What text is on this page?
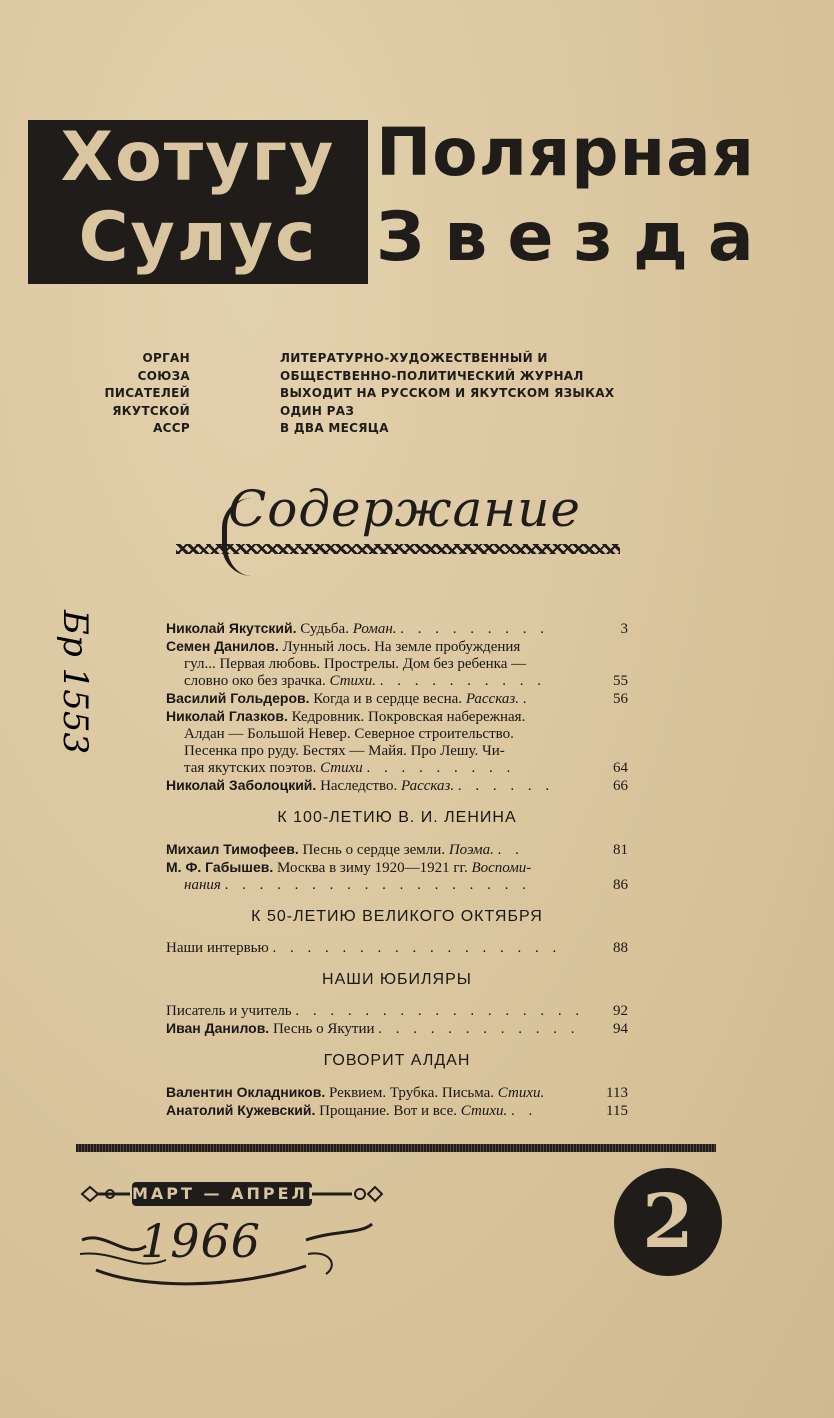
Хотугу
Сулус
Полярная
Звезда
ОРГАН
СОЮЗА
ПИСАТЕЛЕЙ
ЯКУТСКОЙ
АССР
ЛИТЕРАТУРНО-ХУДОЖЕСТВЕННЫЙ И
ОБЩЕСТВЕННО-ПОЛИТИЧЕСКИЙ ЖУРНАЛ
ВЫХОДИТ НА РУССКОМ И ЯКУТСКОМ ЯЗЫКАХ
ОДИН РАЗ
В ДВА МЕСЯЦА
Содержание
Бр 1553	Николай Якутский. Судьба. Роман. . . . . . . . . .	3
Семен Данилов. Лунный лось. На земле пробуждения
гул... Первая любовь. Прострелы. Дом без ребенка —
словно око без зрачка. Стихи. . . . . . . . . . .	55
Василий Гольдеров. Когда и в сердце весна. Рассказ. .	56
Николай Глазков. Кедровник. Покровская набережная.
Алдан — Большой Невер. Северное строительство.
Песенка про руду. Бестях — Майя. Про Лешу. Чи-
тая якутских поэтов. Стихи . . . . . . . . .	64
Николай Заболоцкий. Наследство. Рассказ. . . . . . .	66
К 100-ЛЕТИЮ В. И. ЛЕНИНА
Михаил Тимофеев. Песнь о сердце земли. Поэма. . .	81
М. Ф. Габышев. Москва в зиму 1920—1921 гг. Воспоми-
нания . . . . . . . . . . . . . . . . . .	86
К 50-ЛЕТИЮ ВЕЛИКОГО ОКТЯБРЯ
Наши интервью . . . . . . . . . . . . . . . . .	88
НАШИ ЮБИЛЯРЫ
Писатель и учитель . . . . . . . . . . . . . . . . . 92
Иван Данилов. Песнь о Якутии . . . . . . . . . . . . 94
ГОВОРИТ АЛДАН
Валентин Окладников. Реквием. Трубка. Письма. Стихи.	113
Анатолий Кужевский. Прощание. Вот и все. Стихи. . .	115
МАРТ — АПРЕЛЬ
1966	2
